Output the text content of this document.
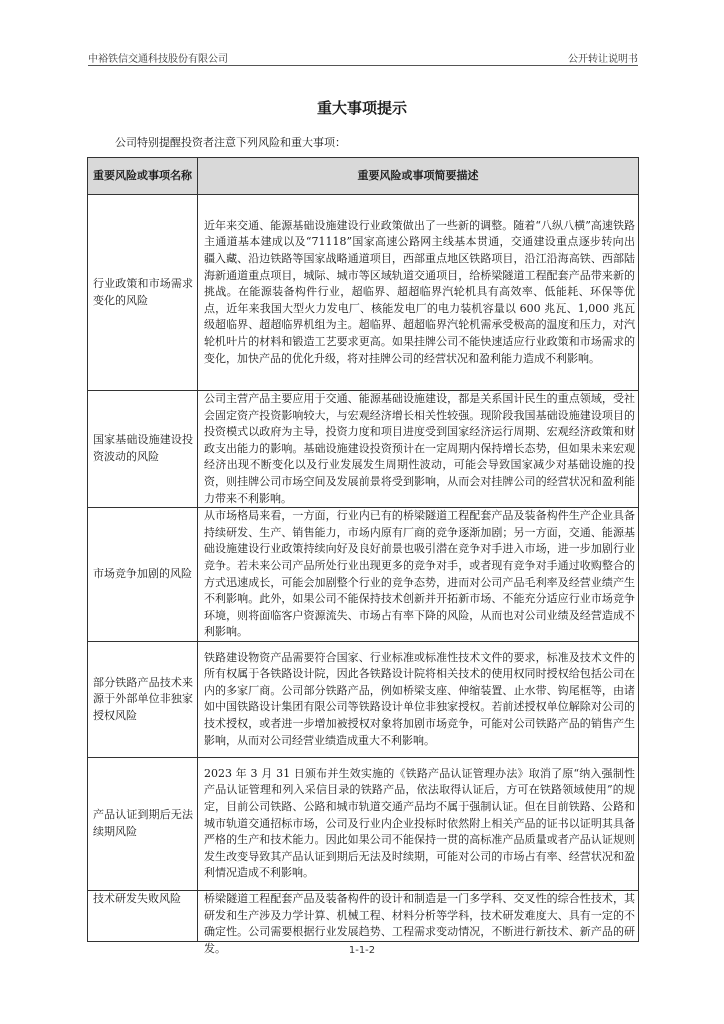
中裕铁信交通科技股份有限公司	公开转让说明书
重大事项提示
公司特别提醒投资者注意下列风险和重大事项：
重要风险或事项名称	重要风险或事项简要描述
行业政策和市场需求变化的风险	近年来交通、能源基础设施建设行业政策做出了一些新的调整。随着“八纵八横”高速铁路主通道基本建成以及“71118”国家高速公路网主线基本贯通，交通建设重点逐步转向出疆入藏、沿边铁路等国家战略通道项目，西部重点地区铁路项目，沿江沿海高铁、西部陆海新通道重点项目，城际、城市等区域轨道交通项目，给桥梁隧道工程配套产品带来新的挑战。在能源装备构件行业，超临界、超超临界汽轮机具有高效率、低能耗、环保等优点，近年来我国大型火力发电厂、核能发电厂的电力装机容量以 600 兆瓦、1,000 兆瓦级超临界、超超临界机组为主。超临界、超超临界汽轮机需承受极高的温度和压力，对汽轮机叶片的材料和锻造工艺要求更高。如果挂牌公司不能快速适应行业政策和市场需求的变化，加快产品的优化升级，将对挂牌公司的经营状况和盈利能力造成不利影响。
国家基础设施建设投资波动的风险	公司主营产品主要应用于交通、能源基础设施建设，都是关系国计民生的重点领域，受社会固定资产投资影响较大，与宏观经济增长相关性较强。现阶段我国基础设施建设项目的投资模式以政府为主导，投资力度和项目进度受到国家经济运行周期、宏观经济政策和财政支出能力的影响。基础设施建设投资预计在一定周期内保持增长态势，但如果未来宏观经济出现不断变化以及行业发展发生周期性波动，可能会导致国家减少对基础设施的投资，则挂牌公司市场空间及发展前景将受到影响，从而会对挂牌公司的经营状况和盈利能力带来不利影响。
市场竞争加剧的风险	从市场格局来看，一方面，行业内已有的桥梁隧道工程配套产品及装备构件生产企业具备持续研发、生产、销售能力，市场内原有厂商的竞争逐渐加剧；另一方面，交通、能源基础设施建设行业政策持续向好及良好前景也吸引潜在竞争对手进入市场，进一步加剧行业竞争。若未来公司产品所处行业出现更多的竞争对手，或者现有竞争对手通过收购整合的方式迅速成长，可能会加剧整个行业的竞争态势，进而对公司产品毛利率及经营业绩产生不利影响。此外，如果公司不能保持技术创新并开拓新市场、不能充分适应行业市场竞争环境，则将面临客户资源流失、市场占有率下降的风险，从而也对公司业绩及经营造成不利影响。
部分铁路产品技术来源于外部单位非独家授权风险	铁路建设物资产品需要符合国家、行业标准或标准性技术文件的要求，标准及技术文件的所有权属于各铁路设计院，因此各铁路设计院将相关技术的使用权同时授权给包括公司在内的多家厂商。公司部分铁路产品，例如桥梁支座、伸缩装置、止水带、钩尾框等，由诸如中国铁路设计集团有限公司等铁路设计单位非独家授权。若前述授权单位解除对公司的技术授权，或者进一步增加被授权对象将加剧市场竞争，可能对公司铁路产品的销售产生影响，从而对公司经营业绩造成重大不利影响。
产品认证到期后无法续期风险	2023 年 3 月 31 日颁布并生效实施的《铁路产品认证管理办法》取消了原“纳入强制性产品认证管理和列入采信目录的铁路产品，依法取得认证后，方可在铁路领域使用”的规定，目前公司铁路、公路和城市轨道交通产品均不属于强制认证。但在目前铁路、公路和城市轨道交通招标市场，公司及行业内企业投标时依然附上相关产品的证书以证明其具备严格的生产和技术能力。因此如果公司不能保持一贯的高标准产品质量或者产品认证规则发生改变导致其产品认证到期后无法及时续期，可能对公司的市场占有率、经营状况和盈利情况造成不利影响。
技术研发失败风险	桥梁隧道工程配套产品及装备构件的设计和制造是一门多学科、交叉性的综合性技术，其研发和生产涉及力学计算、机械工程、材料分析等学科，技术研发难度大、具有一定的不确定性。公司需要根据行业发展趋势、工程需求变动情况，不断进行新技术、新产品的研发。	1-1-2
